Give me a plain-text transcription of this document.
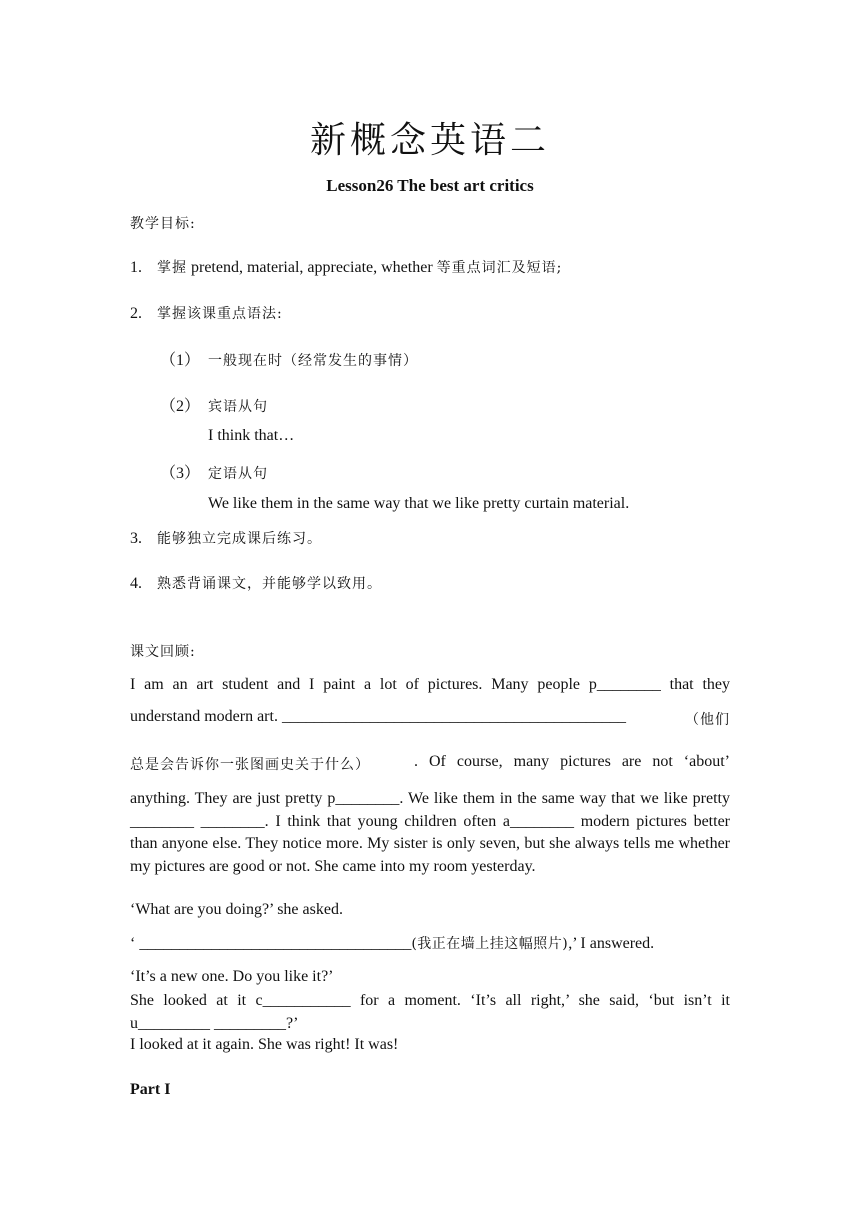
新概念英语二
Lesson26 The best art critics
教学目标:
1. 掌握 pretend, material, appreciate, whether 等重点词汇及短语;
2. 掌握该课重点语法:
（1） 一般现在时（经常发生的事情）
（2） 宾语从句
I think that…
（3） 定语从句
We like them in the same way that we like pretty curtain material.
3. 能够独立完成课后练习。
4. 熟悉背诵课文，并能够学以致用。
课文回顾:
I am an art student and I paint a lot of pictures. Many people p________ that they
understand modern art. ___________________________________________	（他们
总是会告诉你一张图画史关于什么）	. Of course, many pictures are not ‘about’
anything. They are just pretty p________. We like them in the same way that we like pretty ________ ________. I think that young children often a________ modern pictures better than anyone else. They notice more. My sister is only seven, but she always tells me whether my pictures are good or not. She came into my room yesterday.
‘What are you doing?’ she asked.
‘ __________________________________(我正在墙上挂这幅照片),’ I answered.
‘It’s a new one. Do you like it?’
She looked at it c___________ for a moment. ‘It’s all right,’ she said, ‘but isn’t it u_________ _________?’
I looked at it again. She was right! It was!
Part I
